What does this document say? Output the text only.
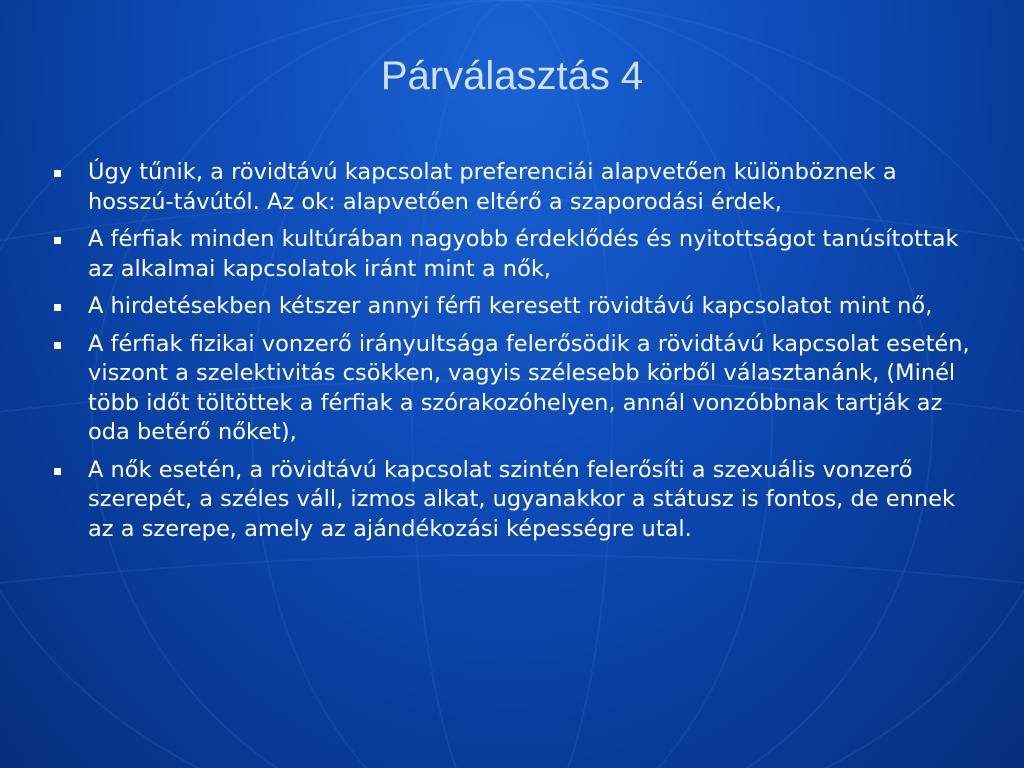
Párválasztás 4
Úgy tűnik, a rövidtávú kapcsolat preferenciái alapvetően különböznek a hosszú-távútól. Az ok: alapvetően eltérő a szaporodási érdek,
A férfiak minden kultúrában nagyobb érdeklődés és nyitottságot tanúsítottak az alkalmai kapcsolatok iránt mint a nők,
A hirdetésekben kétszer annyi férfi keresett rövidtávú kapcsolatot mint nő,
A férfiak fizikai vonzerő irányultsága felerősödik a rövidtávú kapcsolat esetén, viszont a szelektivitás csökken, vagyis szélesebb körből választanánk, (Minél több időt töltöttek a férfiak a szórakozóhelyen, annál vonzóbbnak tartják az oda betérő nőket),
A nők esetén, a rövidtávú kapcsolat szintén felerősíti a szexuális vonzerő szerepét, a széles váll, izmos alkat, ugyanakkor a státusz is fontos, de ennek az a szerepe, amely az ajándékozási képességre utal.
